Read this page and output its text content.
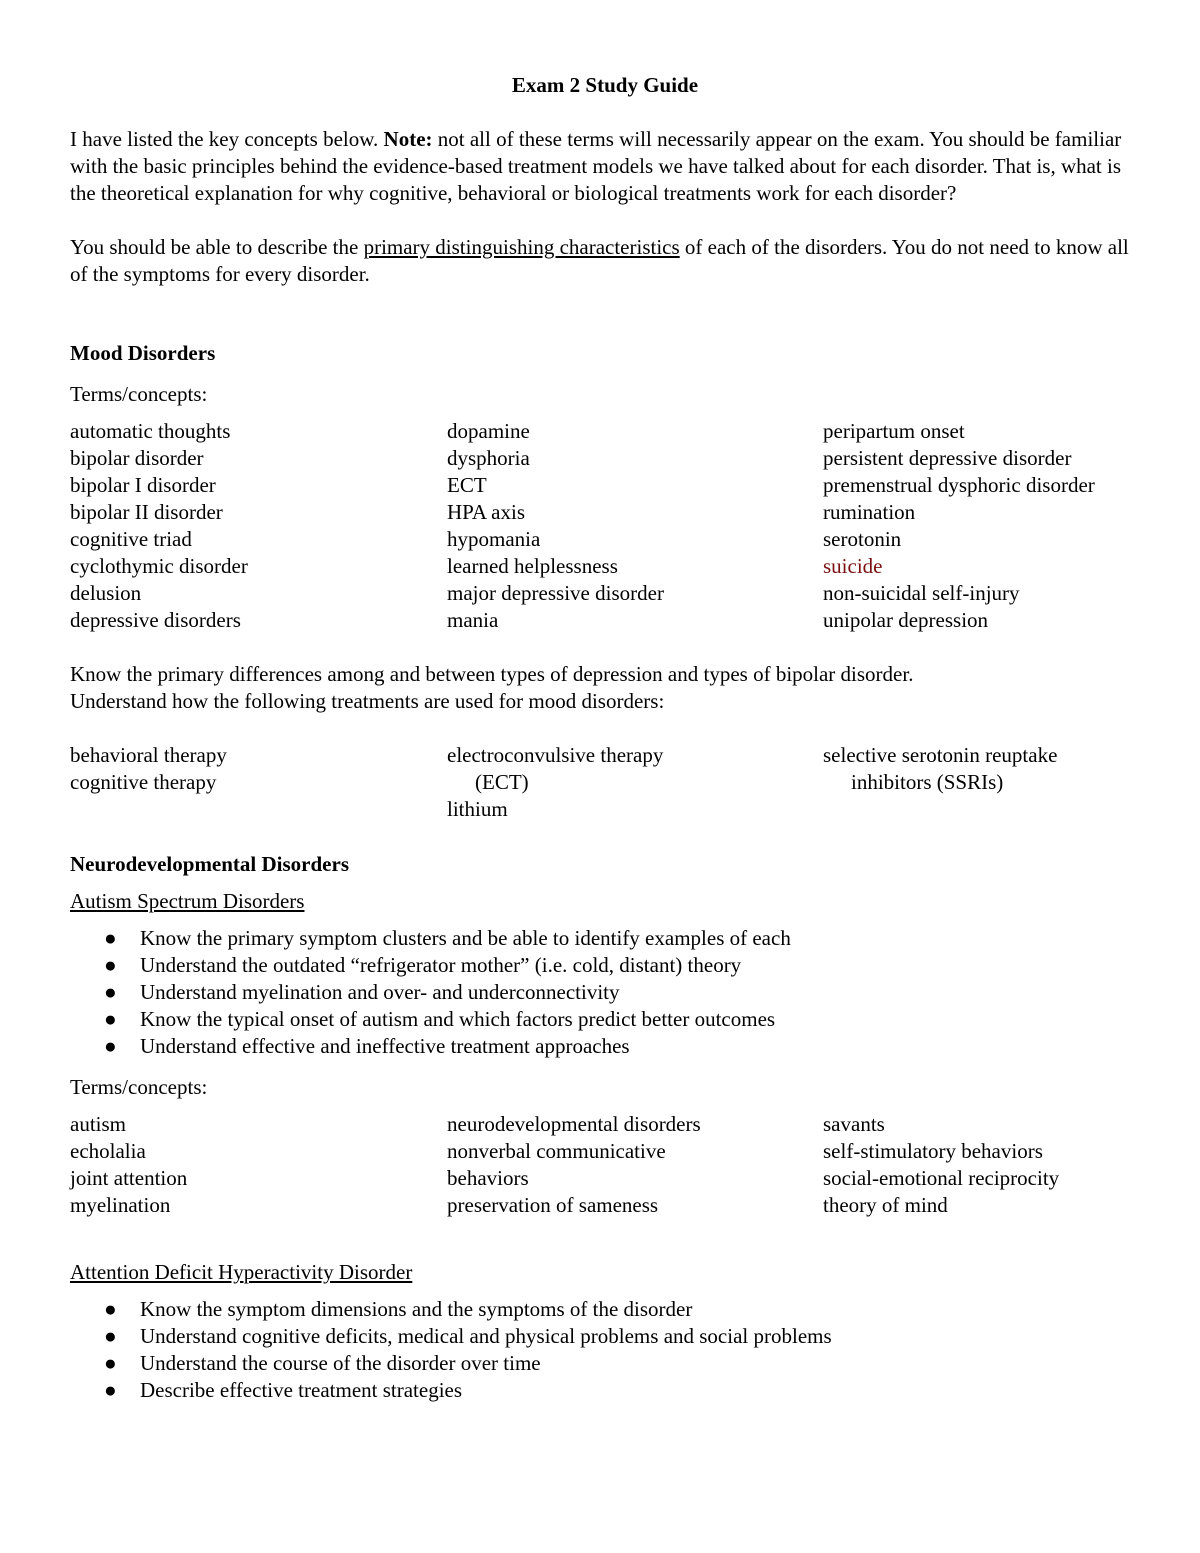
Exam 2 Study Guide

I have listed the key concepts below. Note: not all of these terms will necessarily appear on the exam. You should be familiar with the basic principles behind the evidence-based treatment models we have talked about for each disorder. That is, what is the theoretical explanation for why cognitive, behavioral or biological treatments work for each disorder?

You should be able to describe the primary distinguishing characteristics of each of the disorders. You do not need to know all of the symptoms for every disorder.

Mood Disorders
Terms/concepts:
automatic thoughts
bipolar disorder
bipolar I disorder
bipolar II disorder
cognitive triad
cyclothymic disorder
delusion
depressive disorders
dopamine
dysphoria
ECT
HPA axis
hypomania
learned helplessness
major depressive disorder
mania
peripartum onset
persistent depressive disorder
premenstrual dysphoric disorder
rumination
serotonin
suicide
non-suicidal self-injury
unipolar depression

Know the primary differences among and between types of depression and types of bipolar disorder.

Understand how the following treatments are used for mood disorders:

behavioral therapy
cognitive therapy
electroconvulsive therapy
(ECT)
lithium
selective serotonin reuptake
inhibitors (SSRIs)
Neurodevelopmental Disorders
Autism Spectrum Disorders
● Know the primary symptom clusters and be able to identify examples of each
● Understand the outdated “refrigerator mother” (i.e. cold, distant) theory
● Understand myelination and over- and underconnectivity
● Know the typical onset of autism and which factors predict better outcomes
● Understand effective and ineffective treatment approaches
Terms/concepts:
autism
echolalia
joint attention
myelination
neurodevelopmental disorders
nonverbal communicative
behaviors
preservation of sameness
savants
self-stimulatory behaviors
social-emotional reciprocity
theory of mind
Attention Deficit Hyperactivity Disorder
● Know the symptom dimensions and the symptoms of the disorder
● Understand cognitive deficits, medical and physical problems and social problems
● Understand the course of the disorder over time
● Describe effective treatment strategies
